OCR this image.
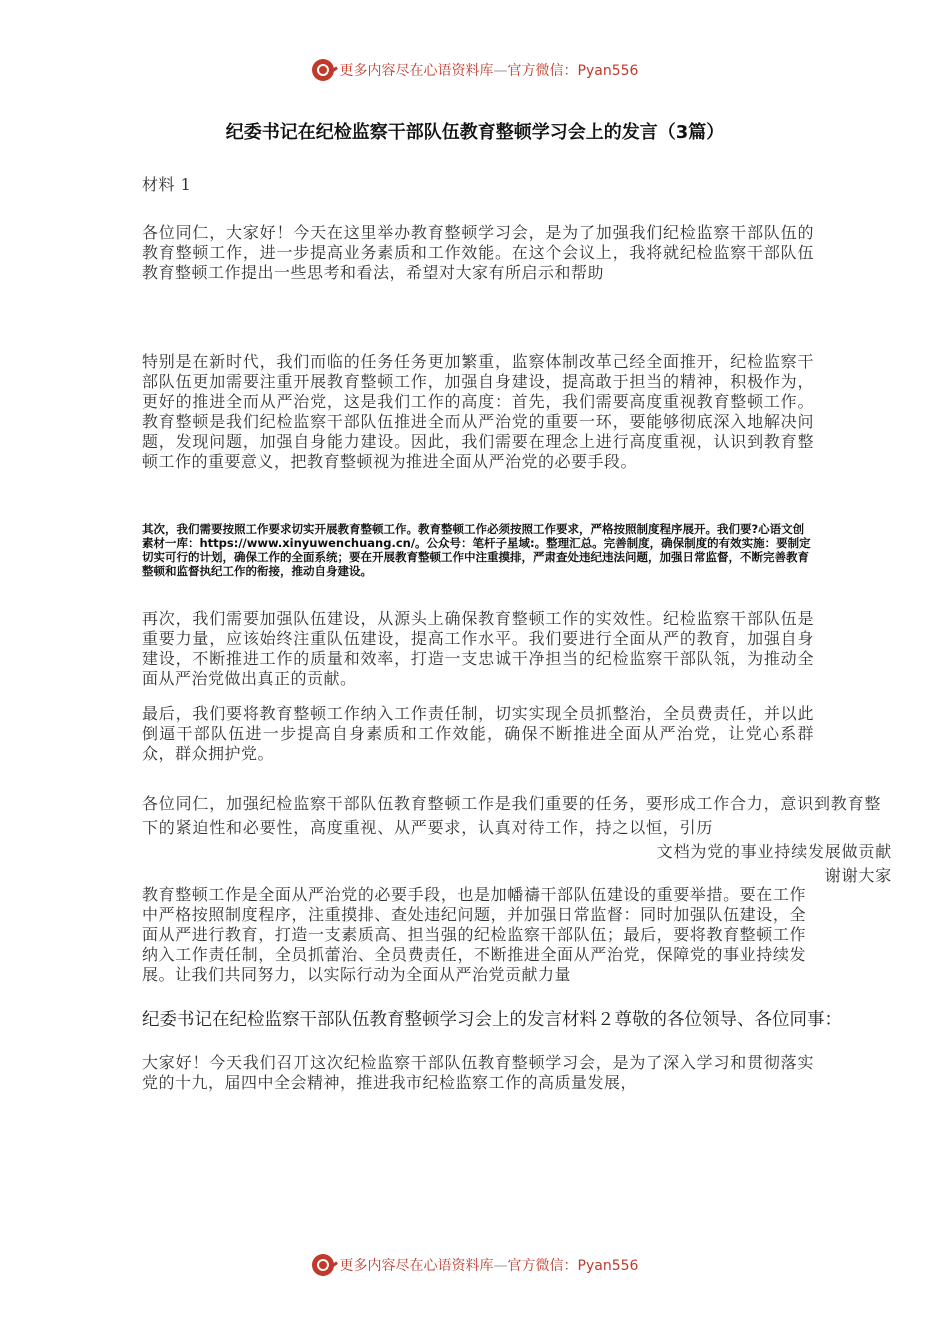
更多内容尽在心语资料库—官方微信：Pyan556
纪委书记在纪检监察干部队伍教育整顿学习会上的发言（3篇）

材料 1

各位同仁，大家好！今天在这里举办教育整顿学习会，是为了加强我们纪检监察干部队伍的教育整顿工作，进一步提高业务素质和工作效能。在这个会议上，我将就纪检监察干部队伍教育整顿工作提出一些思考和看法，希望对大家有所启示和帮助

特别是在新时代，我们而临的任务任务更加繁重，监察体制改革己经全面推开，纪检监察干部队伍更加需要注重开展教育整顿工作，加强自身建设，提高敢于担当的精神，积极作为，更好的推进全而从严治党，这是我们工作的高度：首先，我们需要高度重视教育整顿工作。教育整顿是我们纪检监察干部队伍推进全而从严治党的重要一环，要能够彻底深入地解决问题，发现问题，加强自身能力建设。因此，我们需要在理念上进行高度重视，认识到教育整顿工作的重要意义，把教育整顿视为推进全面从严治党的必要手段。

其次，我们需要按照工作要求切实开展教育整顿工作。教育整顿工作必须按照工作要求，严格按照制度程序展开。我们要?心语文创素材一库：https://www.xinyuwenchuang.cn/。公众号：笔杆子星域:。整理汇总。完善制度，确保制度的有效实施：要制定切实可行的计划，确保工作的全面系统；要在开展教育整顿工作中注重摸排，严肃查处违纪违法问题，加强日常监督，不断完善教育整顿和监督执纪工作的衔接，推动自身建设。

再次，我们需要加强队伍建设，从源头上确保教育整顿工作的实效性。纪检监察干部队伍是重要力量，应该始终注重队伍建设，提高工作水平。我们要进行全面从严的教育，加强自身建设，不断推进工作的质量和效率，打造一支忠诚干净担当的纪检监察干部队瓴，为推动全面从严治党做出真正的贡献。

最后，我们要将教育整顿工作纳入工作责任制，切实实现全员抓整治，全员费责任，并以此倒逼干部队伍进一步提高自身素质和工作效能，确保不断推进全面从严治党，让党心系群众，群众拥护党。

各位同仁，加强纪检监察干部队伍教育整顿工作是我们重要的任务，要形成工作合力，意识到教育整下的紧迫性和必要性，高度重视、从严要求，认真对待工作，持之以恒，引历

文档为党的事业持续发展做贡献

谢谢大家

教育整顿工作是全面从严治党的必要手段，也是加幡禱干部队伍建设的重要举措。要在工作中严格按照制度程序，注重摸排、查处违纪问题，并加强日常监督：同时加强队伍建设，全面从严进行教育，打造一支素质高、担当强的纪检监察干部队伍；最后，要将教育整顿工作纳入工作责任制，全员抓蕾治、全员费责任，不断推进全面从严治党，保障党的事业持续发展。让我们共同努力，以实际行动为全面从严治党贡献力量

纪委书记在纪检监察干部队伍教育整顿学习会上的发言材料２尊敬的各位领导、各位同事：

大家好！今天我们召丌这次纪检监察干部队伍教育整顿学习会，是为了深入学习和贯彻落实党的十九，届四中全会精神，推进我市纪检监察工作的高质量发展，

更多内容尽在心语资料库—官方微信：Pyan556
